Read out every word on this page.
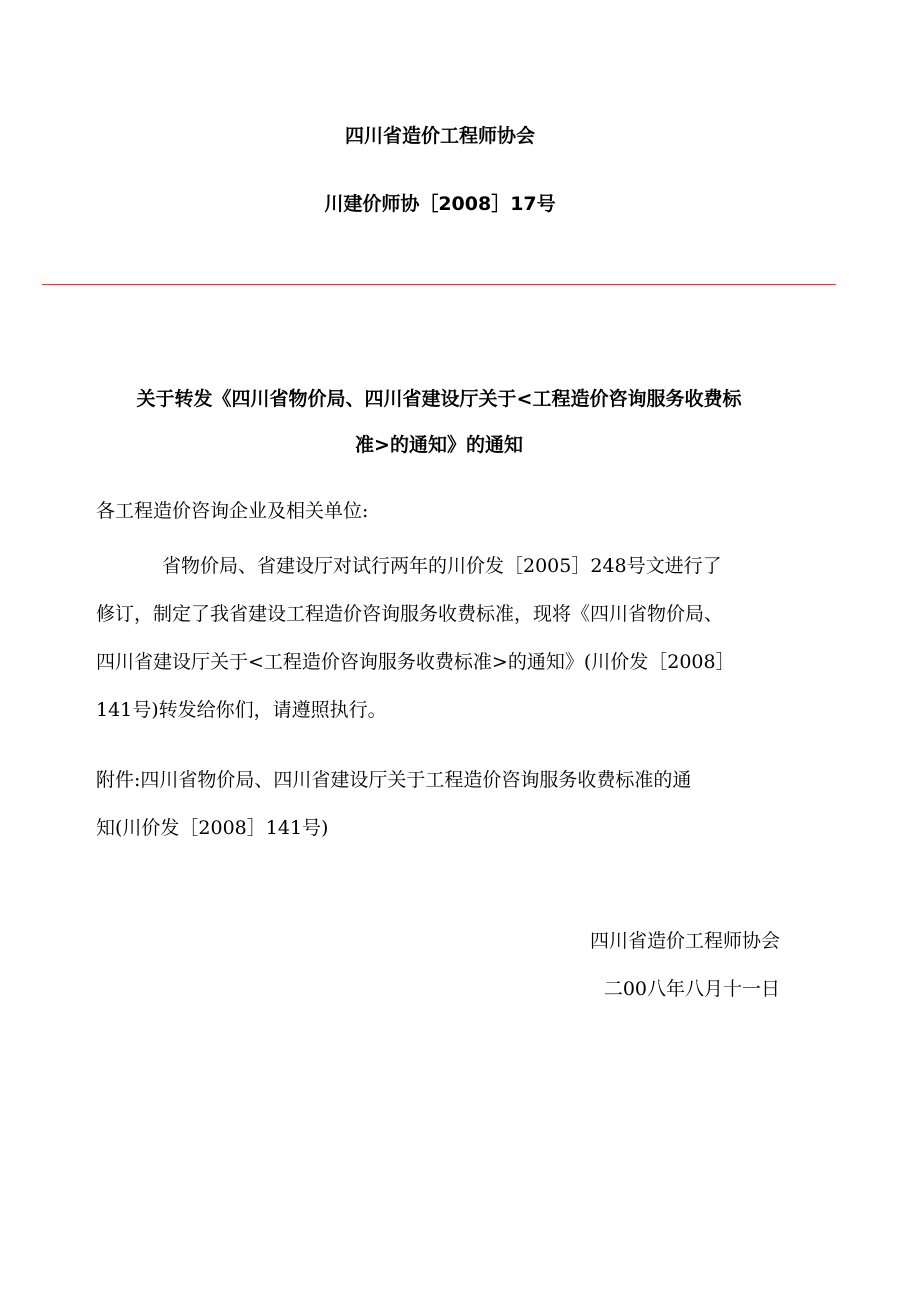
四川省造价工程师协会
川建价师协［2008］17号
关于转发《四川省物价局、四川省建设厅关于<工程造价咨询服务收费标
准>的通知》的通知
各工程造价咨询企业及相关单位:
省物价局、省建设厅对试行两年的川价发［2005］248号文进行了
修订，制定了我省建设工程造价咨询服务收费标准，现将《四川省物价局、
四川省建设厅关于<工程造价咨询服务收费标准>的通知》(川价发［2008］
141号)转发给你们，请遵照执行。
附件:四川省物价局、四川省建设厅关于工程造价咨询服务收费标准的通
知(川价发［2008］141号)
四川省造价工程师协会
二00八年八月十一日
